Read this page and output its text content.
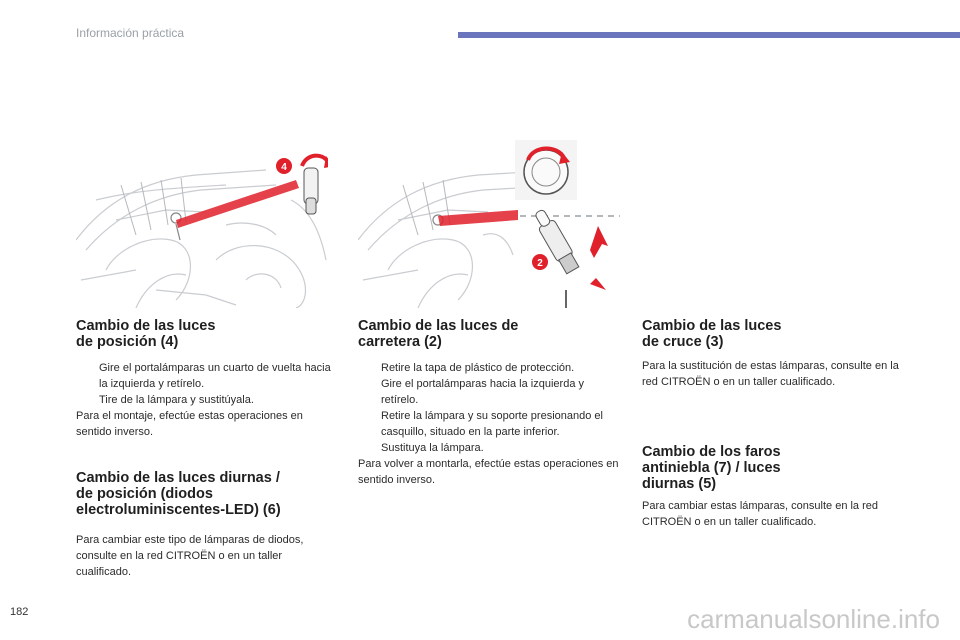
Información práctica
4
2
Cambio de las luces
de posición (4)

Gire el portalámparas un cuarto de vuelta hacia la izquierda y retírelo.

Tire de la lámpara y sustitúyala.

Para el montaje, efectúe estas operaciones en sentido inverso.

Cambio de las luces diurnas /
de posición (diodos
electroluminiscentes-LED) (6)

Para cambiar este tipo de lámparas de diodos, consulte en la red CITROËN o en un taller cualificado.

Cambio de las luces de
carretera (2)

Retire la tapa de plástico de protección.

Gire el portalámparas hacia la izquierda y retírelo.

Retire la lámpara y su soporte presionando el casquillo, situado en la parte inferior.

Sustituya la lámpara.

Para volver a montarla, efectúe estas operaciones en sentido inverso.

Cambio de las luces
de cruce (3)

Para la sustitución de estas lámparas, consulte en la red CITROËN o en un taller cualificado.

Cambio de los faros
antiniebla (7) / luces
diurnas (5)

Para cambiar estas lámparas, consulte en la red CITROËN o en un taller cualificado.

182	carmanualsonline.info
